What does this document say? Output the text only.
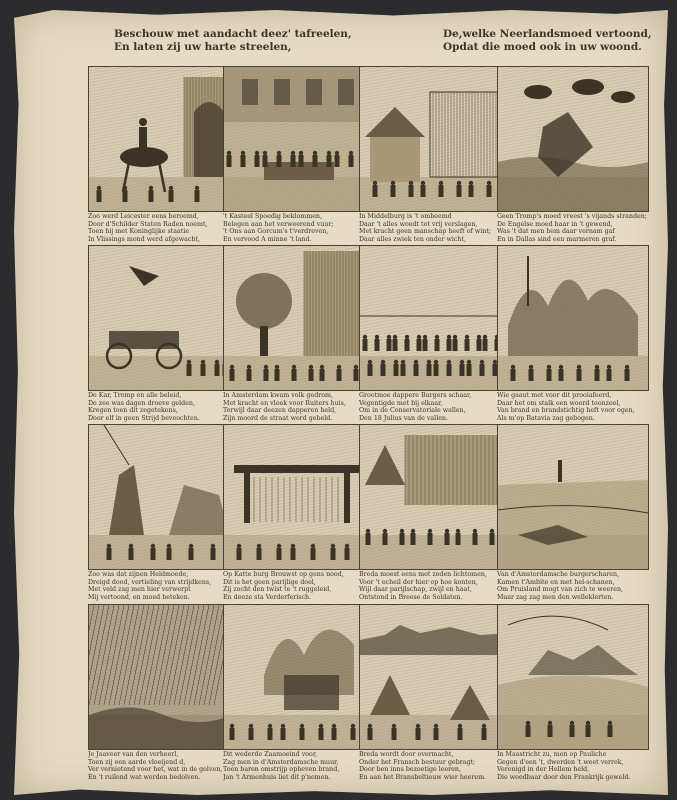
Beschouw met aandacht deez' tafreelen,
En laten zij uw harte streelen,
De,welke Neerlandsmoed vertoond,
Opdat die moed ook in uw woond.
Zoo werd Leicester eens beroemd,
Door d'Schilder Staten Raden noemt,
Toen hij met Koninglijke staatie
In Vlissings mond werd afgewacht,
't Kasteel Spoedig beklommen,
Belegen aan het verweerend vuur;
't Ons aan Gorcum's t'verdreven,
En vervood A minne 't land.
In Middelburg is 't ombeemd
Daar 't alles woedt tot vrij verslagen,
Met kracht geen manschap heeft of wint;
Daar alles zwiek ten onder wicht,
Geen Tromp's moed vreest 's vijands stranden;
De Engelse moed haar in 't gewend,
Was 't dat men hem daar vernam gaf
En in Dallas sind een marmeren graf.
De Kar, Tromp en alle beleid,
De zee was dagen droeve gelden,
Kregen toen dit zegetekens,
Door elf in geen Strijd beveochten.
In Amsterdam kwam volk gedrom,
Met kracht en vloek voor Ruiters huis,
Terwijl daar deezen dapperen held,
Zijn moord de straat werd gebeld.
Grootmoe dappere Burgers schaar,
Vegentigde met bij elkaar,
Om in de Conservatoriale wallen,
Den 18 Julius van de vallen.
Wie gaaut met voor dit prooiafeerd,
Daar het om stalk een woord toonzeel,
Van brand en brandstichtig heft voor ogen,
Als m'op Batavia zag gebogen.
Zoo was dat zijnen Heldmoede,
Dreigd dood, vertieling van strijdkens,
Met veld zag men hier verwerpt
Mij vertoond, en moed beteken.
Op Katte burg Brouwst op gens nood,
Dit is het geen parijlige doel,
Zij zocht den twist te 't ruggeleid,
En deeze sta Verderferisch.
Breda moest eens met zeden lichtomen,
Voor 't echeil der hier op hoe konten,
Wijl daar parijlschap, zwijl en haat,
Ontstond in Breese de Soldaten.
Van d'Amsterdamsche burgerscharen,
Kamen t'Ambite en met hel-schanen,
Om Pruisland mogt van zich te weeren,
Maar zag zag men den welleklerten.
Je Jaaveer van den verheerl,
Toen zij een aarde vloeijend d,
Ver vernietend voor het, wat in de golven,
En 't ruilend wat werden bedolven.
Dit wederde Zaamoeind voor,
Zag men in d'Amsterdamsche muur,
Toen baren omstrijp opheven brand,
Jan 't Armenhuis liet dit p'nemen.
Breda wordt door overmacht,
Onder het Fransch bestuur gebragt;
Door ben inns bezoetige leeren,
En aan het Bransbeltieuw wier heerem.
In Maastricht zu, men op Pauliche
Gegen d'een 't, dwerden 't weet verrek,
Verenigd in der Hellem held,
Die woedbaar door den Frankrijk geweld.
